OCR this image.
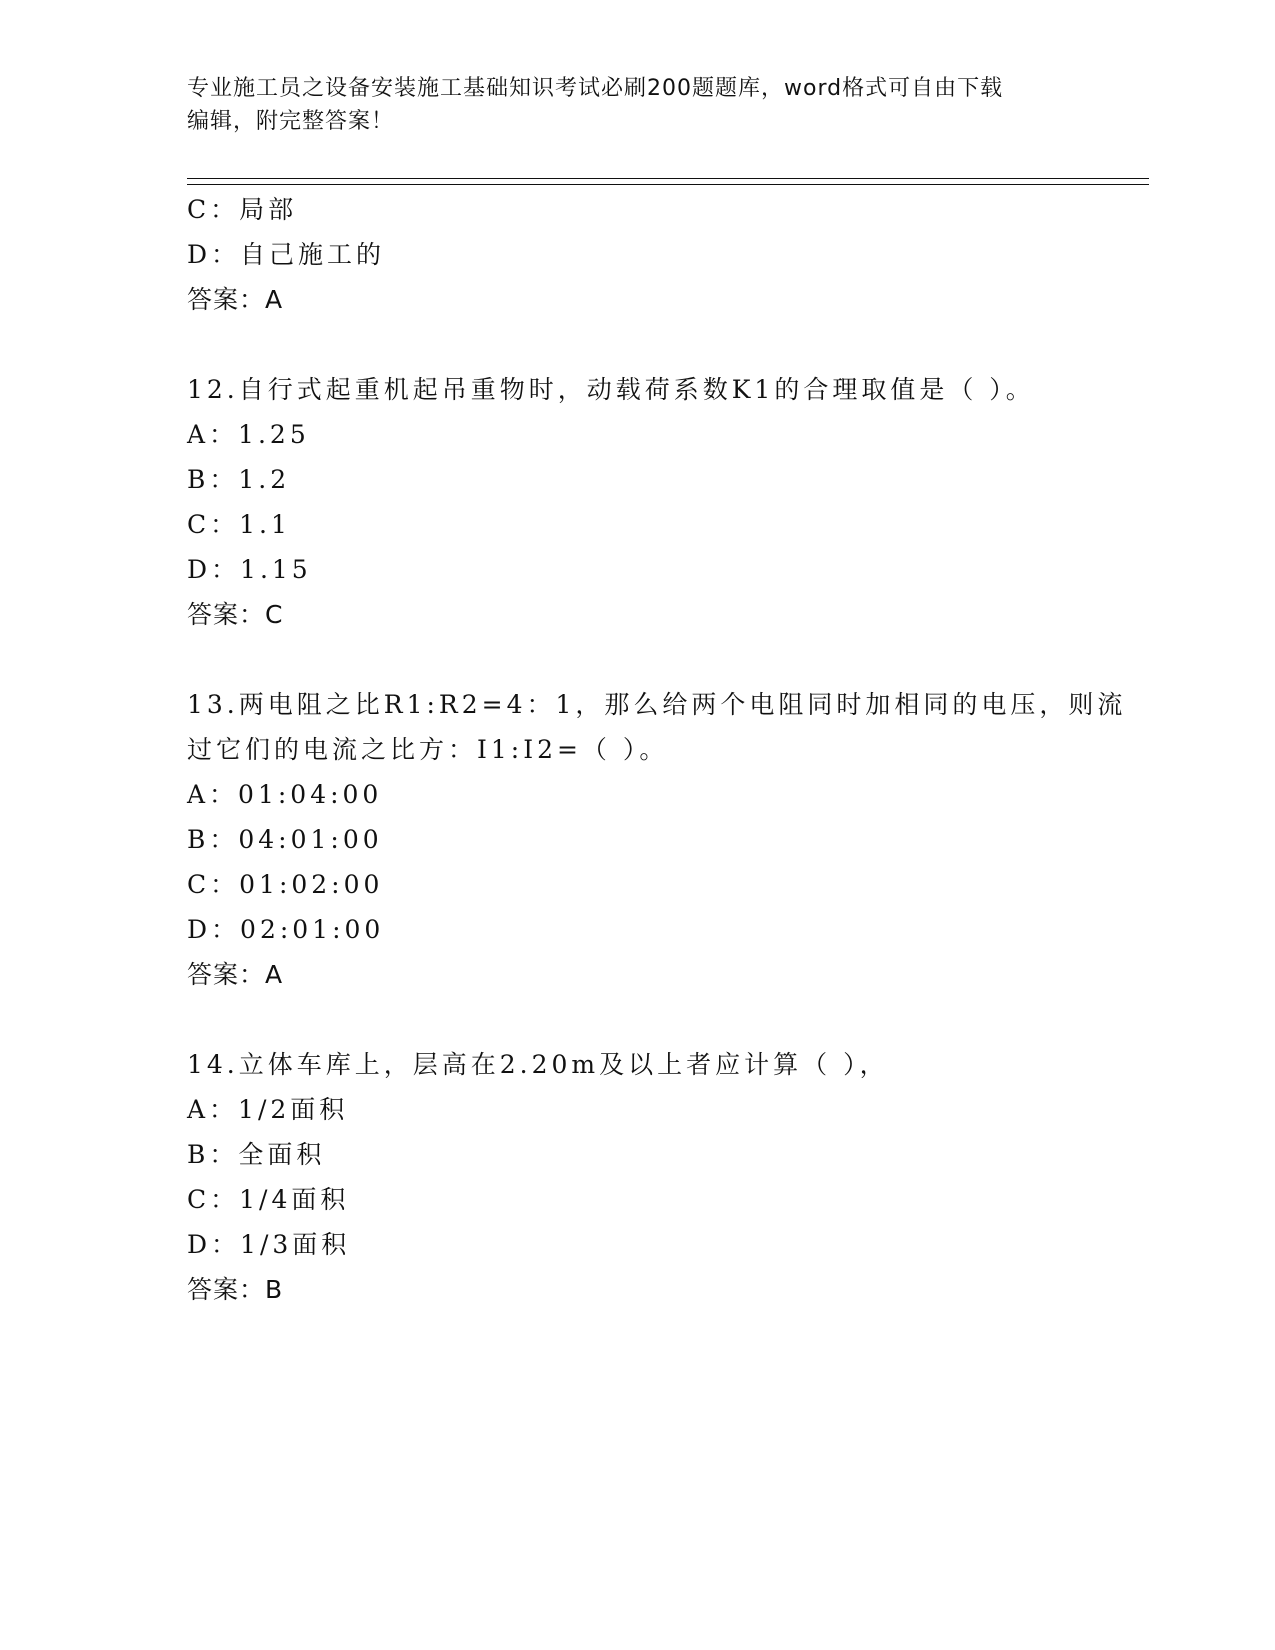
专业施工员之设备安装施工基础知识考试必刷200题题库，word格式可自由下载
编辑，附完整答案！
C：局部
D：自己施工的
答案：A
12.自行式起重机起吊重物时，动载荷系数K1的合理取值是（ ）。
A：1.25
B：1.2
C：1.1
D：1.15
答案：C
13.两电阻之比R1:R2=4：1，那么给两个电阻同时加相同的电压，则流
过它们的电流之比方：I1:I2=（ ）。
A：01:04:00
B：04:01:00
C：01:02:00
D：02:01:00
答案：A
14.立体车库上，层高在2.20m及以上者应计算（ ），
A：1/2面积
B：全面积
C：1/4面积
D：1/3面积
答案：B
